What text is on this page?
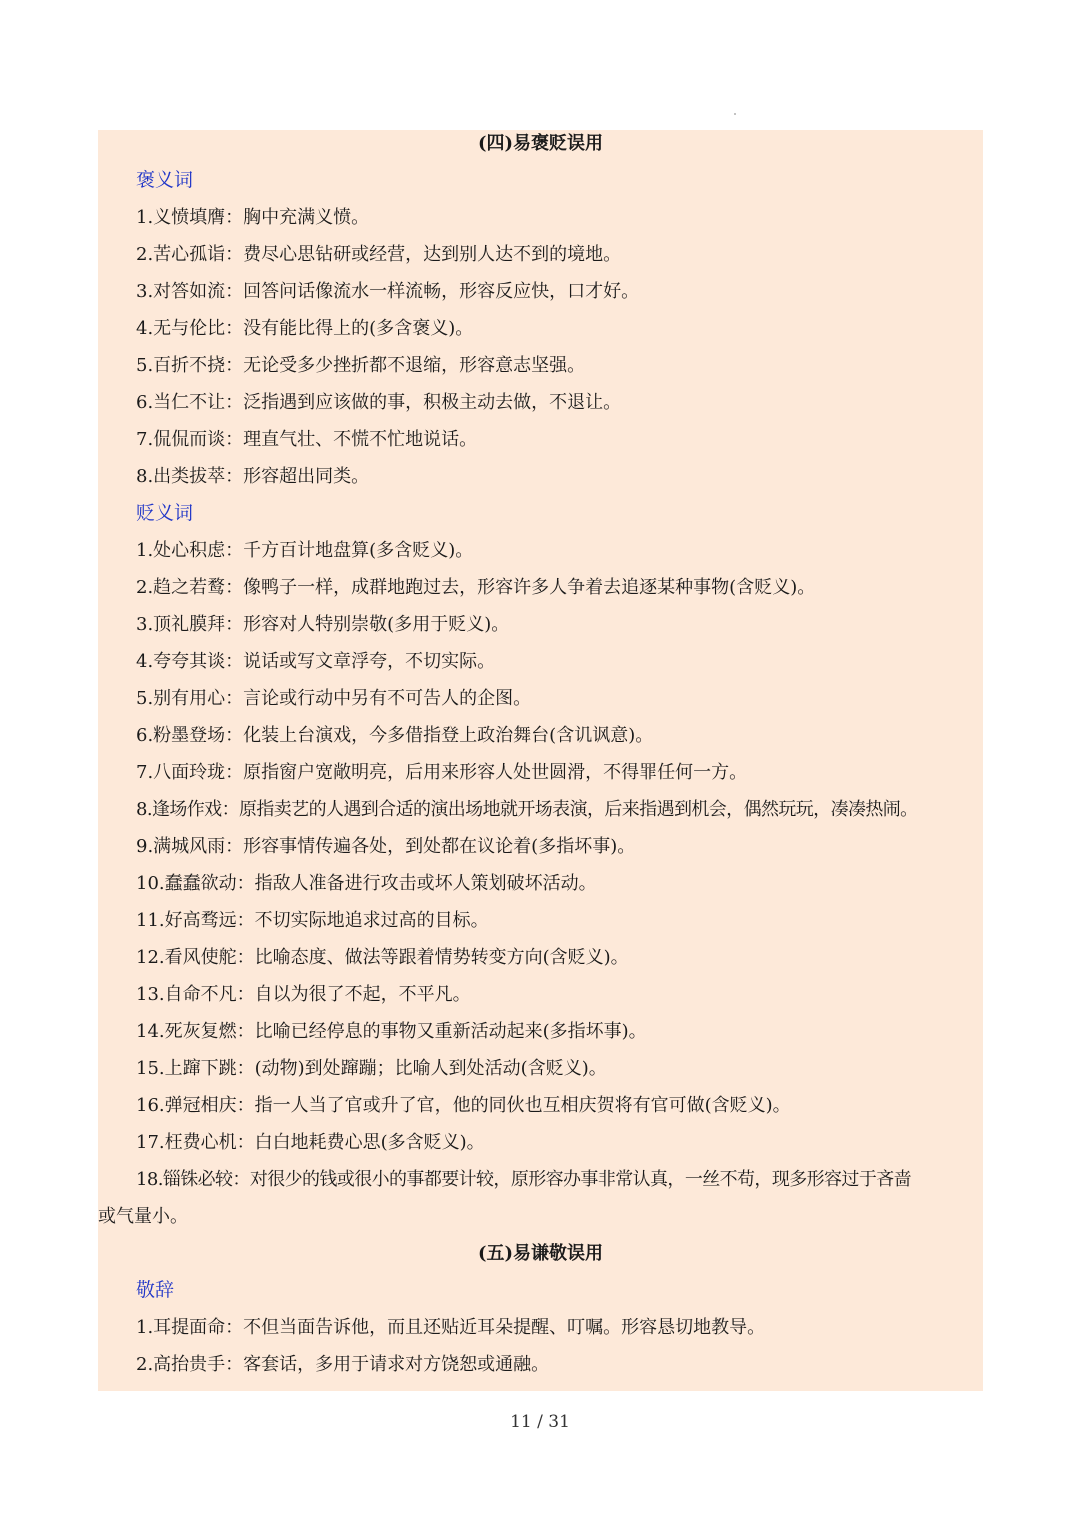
(四)易褒贬误用
褒义词
1.义愤填膺：胸中充满义愤。
2.苦心孤诣：费尽心思钻研或经营，达到别人达不到的境地。
3.对答如流：回答问话像流水一样流畅，形容反应快，口才好。
4.无与伦比：没有能比得上的(多含褒义)。
5.百折不挠：无论受多少挫折都不退缩，形容意志坚强。
6.当仁不让：泛指遇到应该做的事，积极主动去做，不退让。
7.侃侃而谈：理直气壮、不慌不忙地说话。
8.出类拔萃：形容超出同类。
贬义词
1.处心积虑：千方百计地盘算(多含贬义)。
2.趋之若鹜：像鸭子一样，成群地跑过去，形容许多人争着去追逐某种事物(含贬义)。
3.顶礼膜拜：形容对人特别崇敬(多用于贬义)。
4.夸夸其谈：说话或写文章浮夸，不切实际。
5.别有用心：言论或行动中另有不可告人的企图。
6.粉墨登场：化装上台演戏，今多借指登上政治舞台(含讥讽意)。
7.八面玲珑：原指窗户宽敞明亮，后用来形容人处世圆滑，不得罪任何一方。
8.逢场作戏：原指卖艺的人遇到合适的演出场地就开场表演，后来指遇到机会，偶然玩玩，凑凑热闹。
9.满城风雨：形容事情传遍各处，到处都在议论着(多指坏事)。
10.蠢蠢欲动：指敌人准备进行攻击或坏人策划破坏活动。
11.好高骛远：不切实际地追求过高的目标。
12.看风使舵：比喻态度、做法等跟着情势转变方向(含贬义)。
13.自命不凡：自以为很了不起，不平凡。
14.死灰复燃：比喻已经停息的事物又重新活动起来(多指坏事)。
15.上蹿下跳：(动物)到处蹿蹦；比喻人到处活动(含贬义)。
16.弹冠相庆：指一人当了官或升了官，他的同伙也互相庆贺将有官可做(含贬义)。
17.枉费心机：白白地耗费心思(多含贬义)。
18.锱铢必较：对很少的钱或很小的事都要计较，原形容办事非常认真，一丝不苟，现多形容过于吝啬
或气量小。
(五)易谦敬误用
敬辞
1.耳提面命：不但当面告诉他，而且还贴近耳朵提醒、叮嘱。形容恳切地教导。
2.高抬贵手：客套话，多用于请求对方饶恕或通融。
11 / 31
